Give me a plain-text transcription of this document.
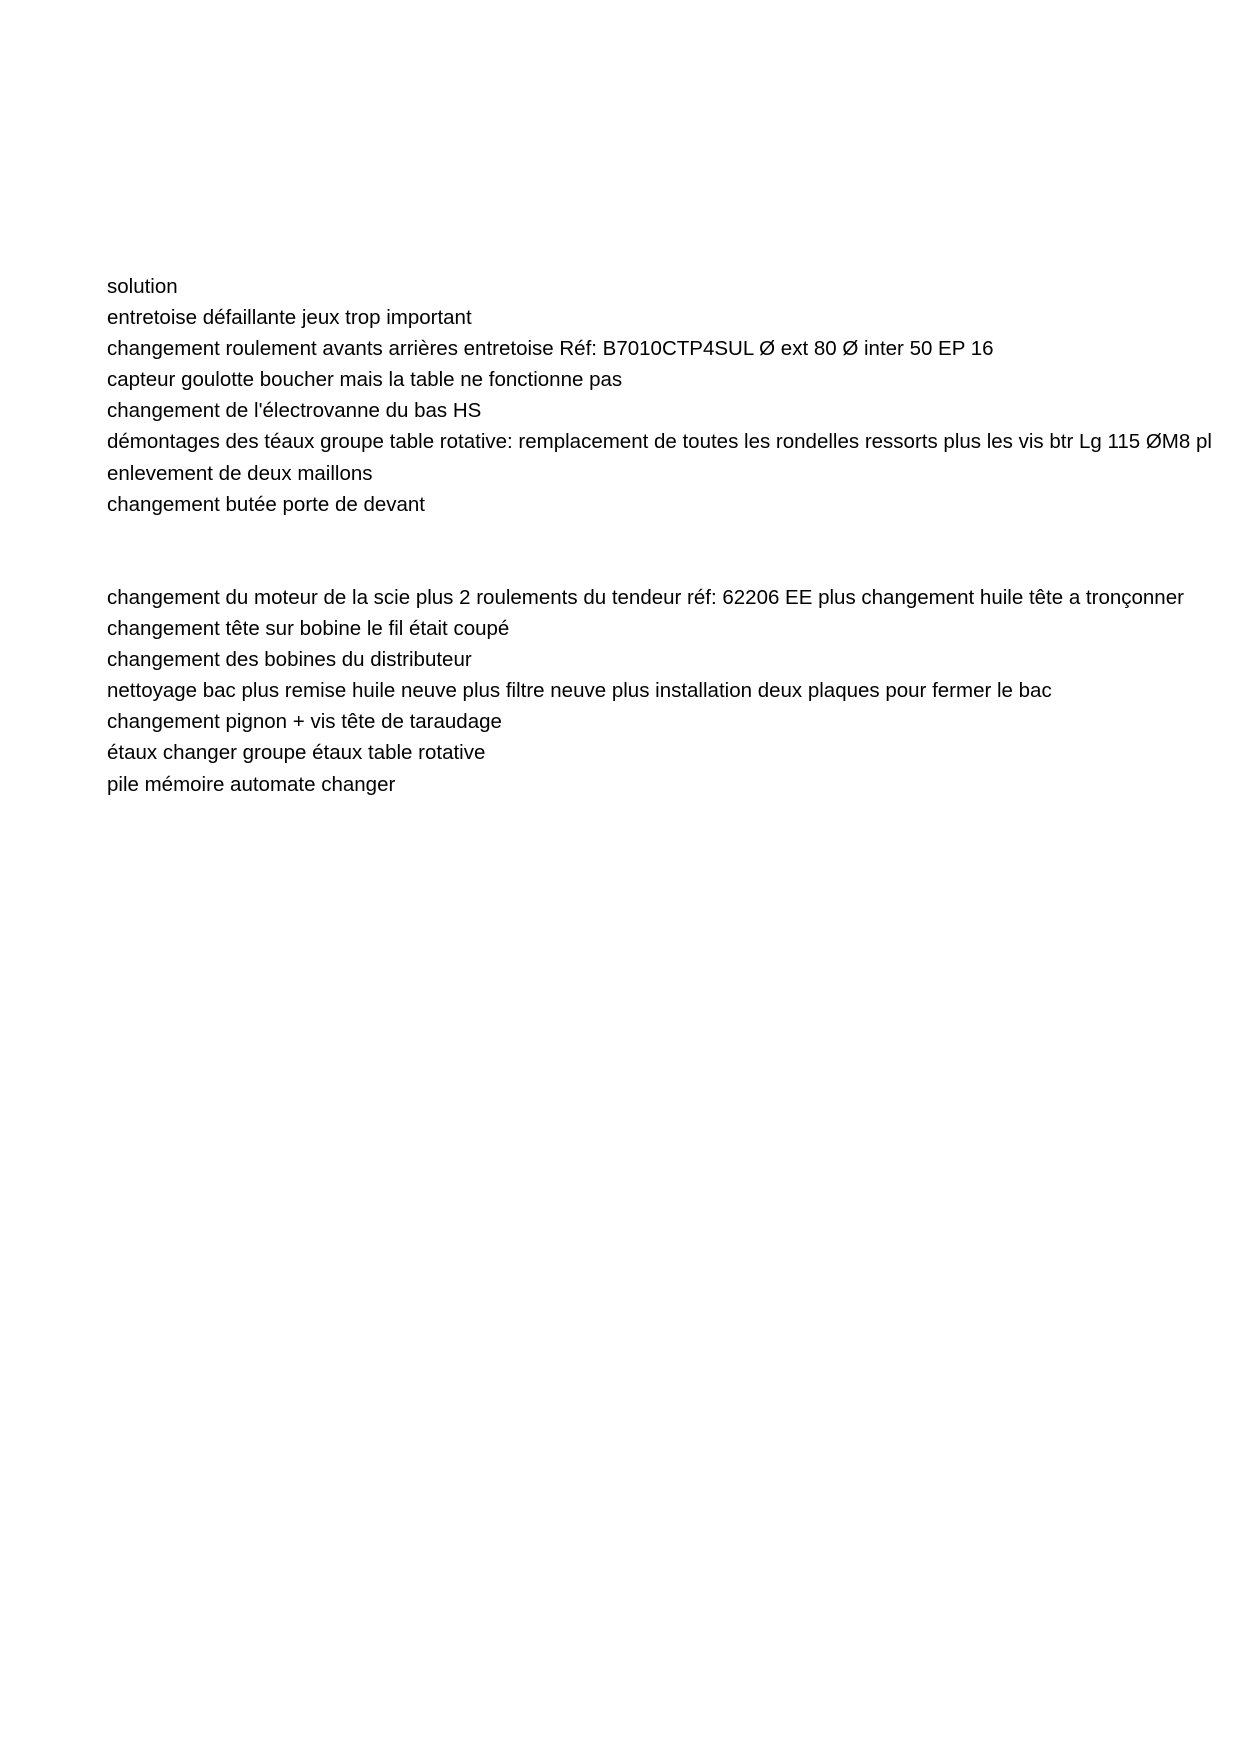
solution
entretoise défaillante jeux trop important
changement roulement avants arrières entretoise Réf: B7010CTP4SUL Ø ext 80 Ø inter 50 EP 16
capteur goulotte boucher mais la table ne fonctionne pas
changement de l'électrovanne du bas HS
démontages des téaux groupe table rotative: remplacement de toutes les rondelles ressorts plus les vis btr Lg 115 ØM8 pl
enlevement de deux maillons
changement butée porte de devant
changement du moteur de la scie plus 2 roulements du tendeur réf: 62206 EE plus changement huile tête a tronçonner
changement tête sur bobine le fil était coupé
changement des bobines du distributeur
nettoyage bac plus remise huile neuve plus filtre neuve plus installation deux plaques pour fermer le bac
changement pignon + vis tête de taraudage
étaux changer groupe étaux table rotative
pile mémoire automate changer
